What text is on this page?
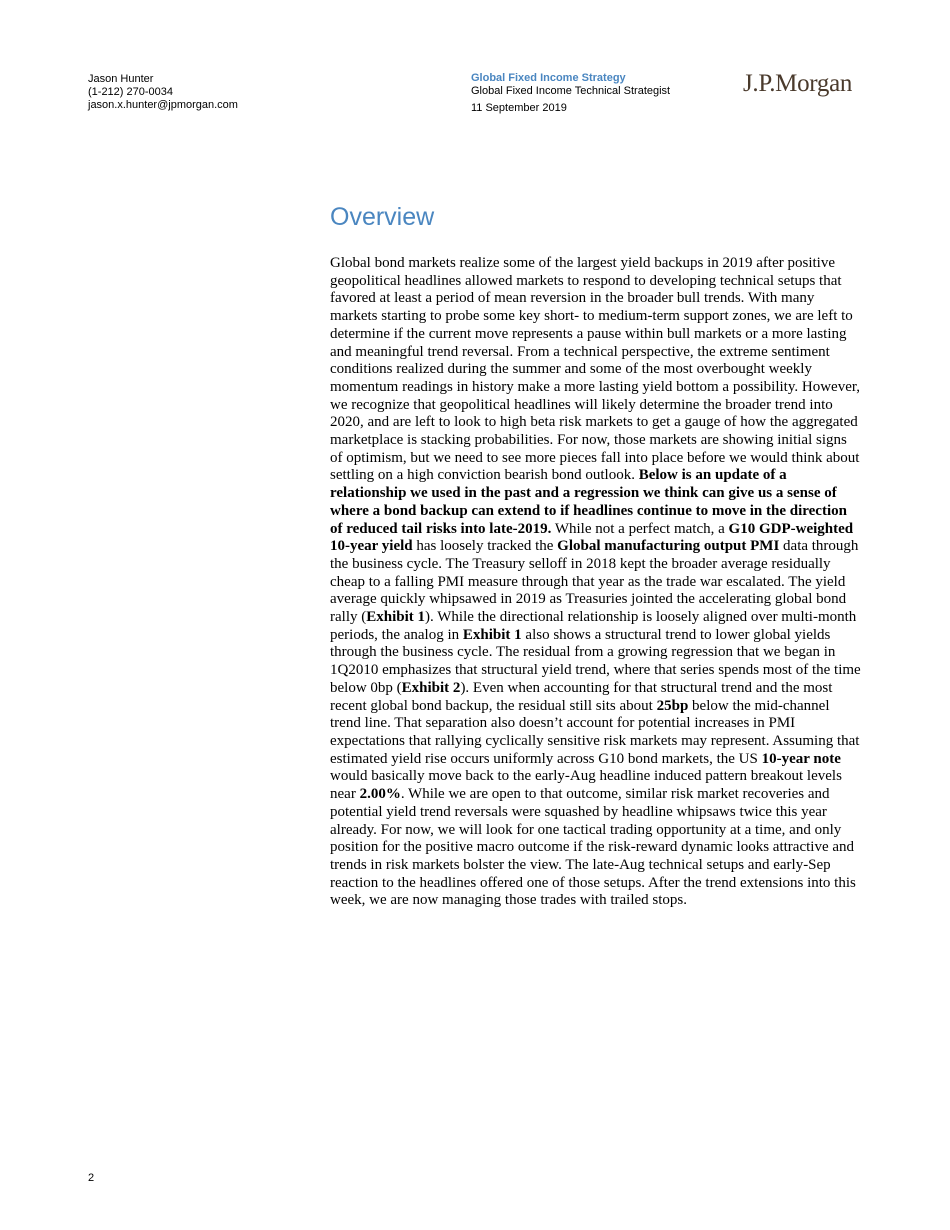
Jason Hunter
(1-212) 270-0034
jason.x.hunter@jpmorgan.com
Global Fixed Income Strategy
Global Fixed Income Technical Strategist
11 September 2019
J.P.Morgan
Overview

Global bond markets realize some of the largest yield backups in 2019 after positive geopolitical headlines allowed markets to respond to developing technical setups that favored at least a period of mean reversion in the broader bull trends. With many markets starting to probe some key short- to medium-term support zones, we are left to determine if the current move represents a pause within bull markets or a more lasting and meaningful trend reversal. From a technical perspective, the extreme sentiment conditions realized during the summer and some of the most overbought weekly momentum readings in history make a more lasting yield bottom a possibility. However, we recognize that geopolitical headlines will likely determine the broader trend into 2020, and are left to look to high beta risk markets to get a gauge of how the aggregated marketplace is stacking probabilities. For now, those markets are showing initial signs of optimism, but we need to see more pieces fall into place before we would think about settling on a high conviction bearish bond outlook. Below is an update of a relationship we used in the past and a regression we think can give us a sense of where a bond backup can extend to if headlines continue to move in the direction of reduced tail risks into late-2019. While not a perfect match, a G10 GDP-weighted 10-year yield has loosely tracked the Global manufacturing output PMI data through the business cycle. The Treasury selloff in 2018 kept the broader average residually cheap to a falling PMI measure through that year as the trade war escalated. The yield average quickly whipsawed in 2019 as Treasuries jointed the accelerating global bond rally (Exhibit 1). While the directional relationship is loosely aligned over multi-month periods, the analog in Exhibit 1 also shows a structural trend to lower global yields through the business cycle. The residual from a growing regression that we began in 1Q2010 emphasizes that structural yield trend, where that series spends most of the time below 0bp (Exhibit 2). Even when accounting for that structural trend and the most recent global bond backup, the residual still sits about 25bp below the mid-channel trend line. That separation also doesn’t account for potential increases in PMI expectations that rallying cyclically sensitive risk markets may represent. Assuming that estimated yield rise occurs uniformly across G10 bond markets, the US 10-year note would basically move back to the early-Aug headline induced pattern breakout levels near 2.00%. While we are open to that outcome, similar risk market recoveries and potential yield trend reversals were squashed by headline whipsaws twice this year already. For now, we will look for one tactical trading opportunity at a time, and only position for the positive macro outcome if the risk-reward dynamic looks attractive and trends in risk markets bolster the view. The late-Aug technical setups and early-Sep reaction to the headlines offered one of those setups. After the trend extensions into this week, we are now managing those trades with trailed stops.

2
